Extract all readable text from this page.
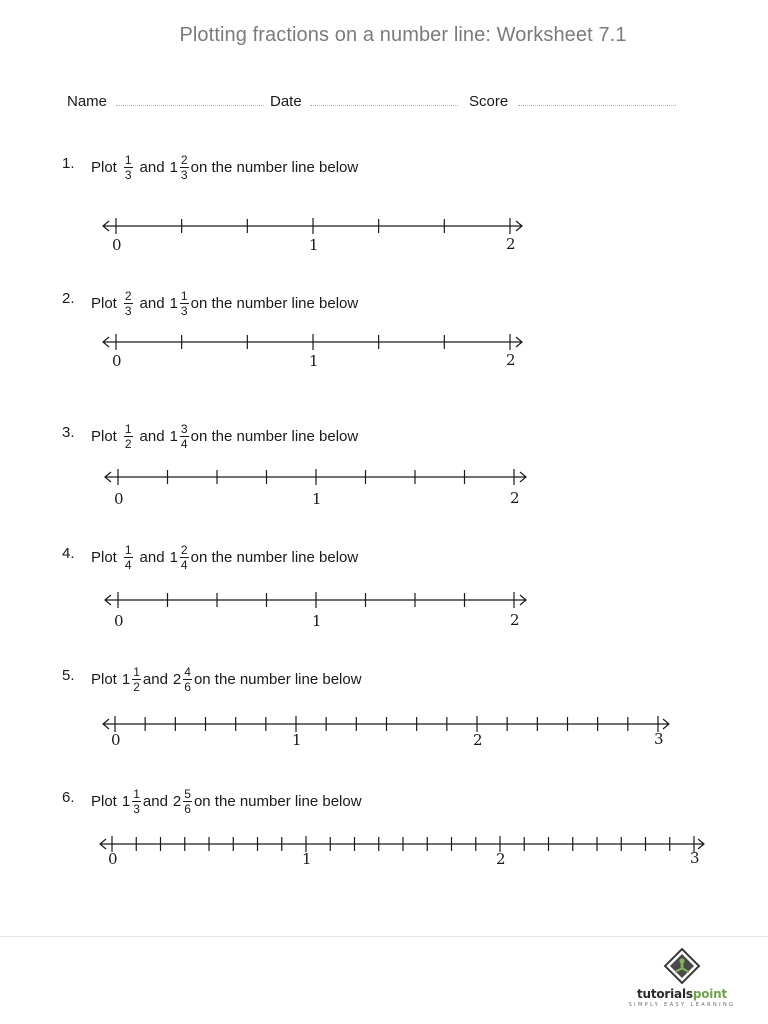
Plotting fractions on a number line: Worksheet 7.1
Name	Date	Score
1. Plot $\frac{1}{3}$ and $1 \frac{2}{3}$ on the number line below
2. Plot $\frac{2}{3}$ and $1 \frac{1}{3}$ on the number line below
3. Plot $\frac{1}{2}$ and $1 \frac{3}{4}$ on the number line below
4. Plot $\frac{1}{4}$ and $1 \frac{2}{4}$ on the number line below
5. Plot $1 \frac{1}{2}$ and $2 \frac{4}{6}$ on the number line below
6. Plot $1 \frac{1}{3}$ and $2 \frac{5}{6}$ on the number line below
0	1	2
0	1	2
0	1	2
0	1	2
0	1	2	3
0	1	2	3
tutorialspoint
SIMPLY EASY LEARNING
